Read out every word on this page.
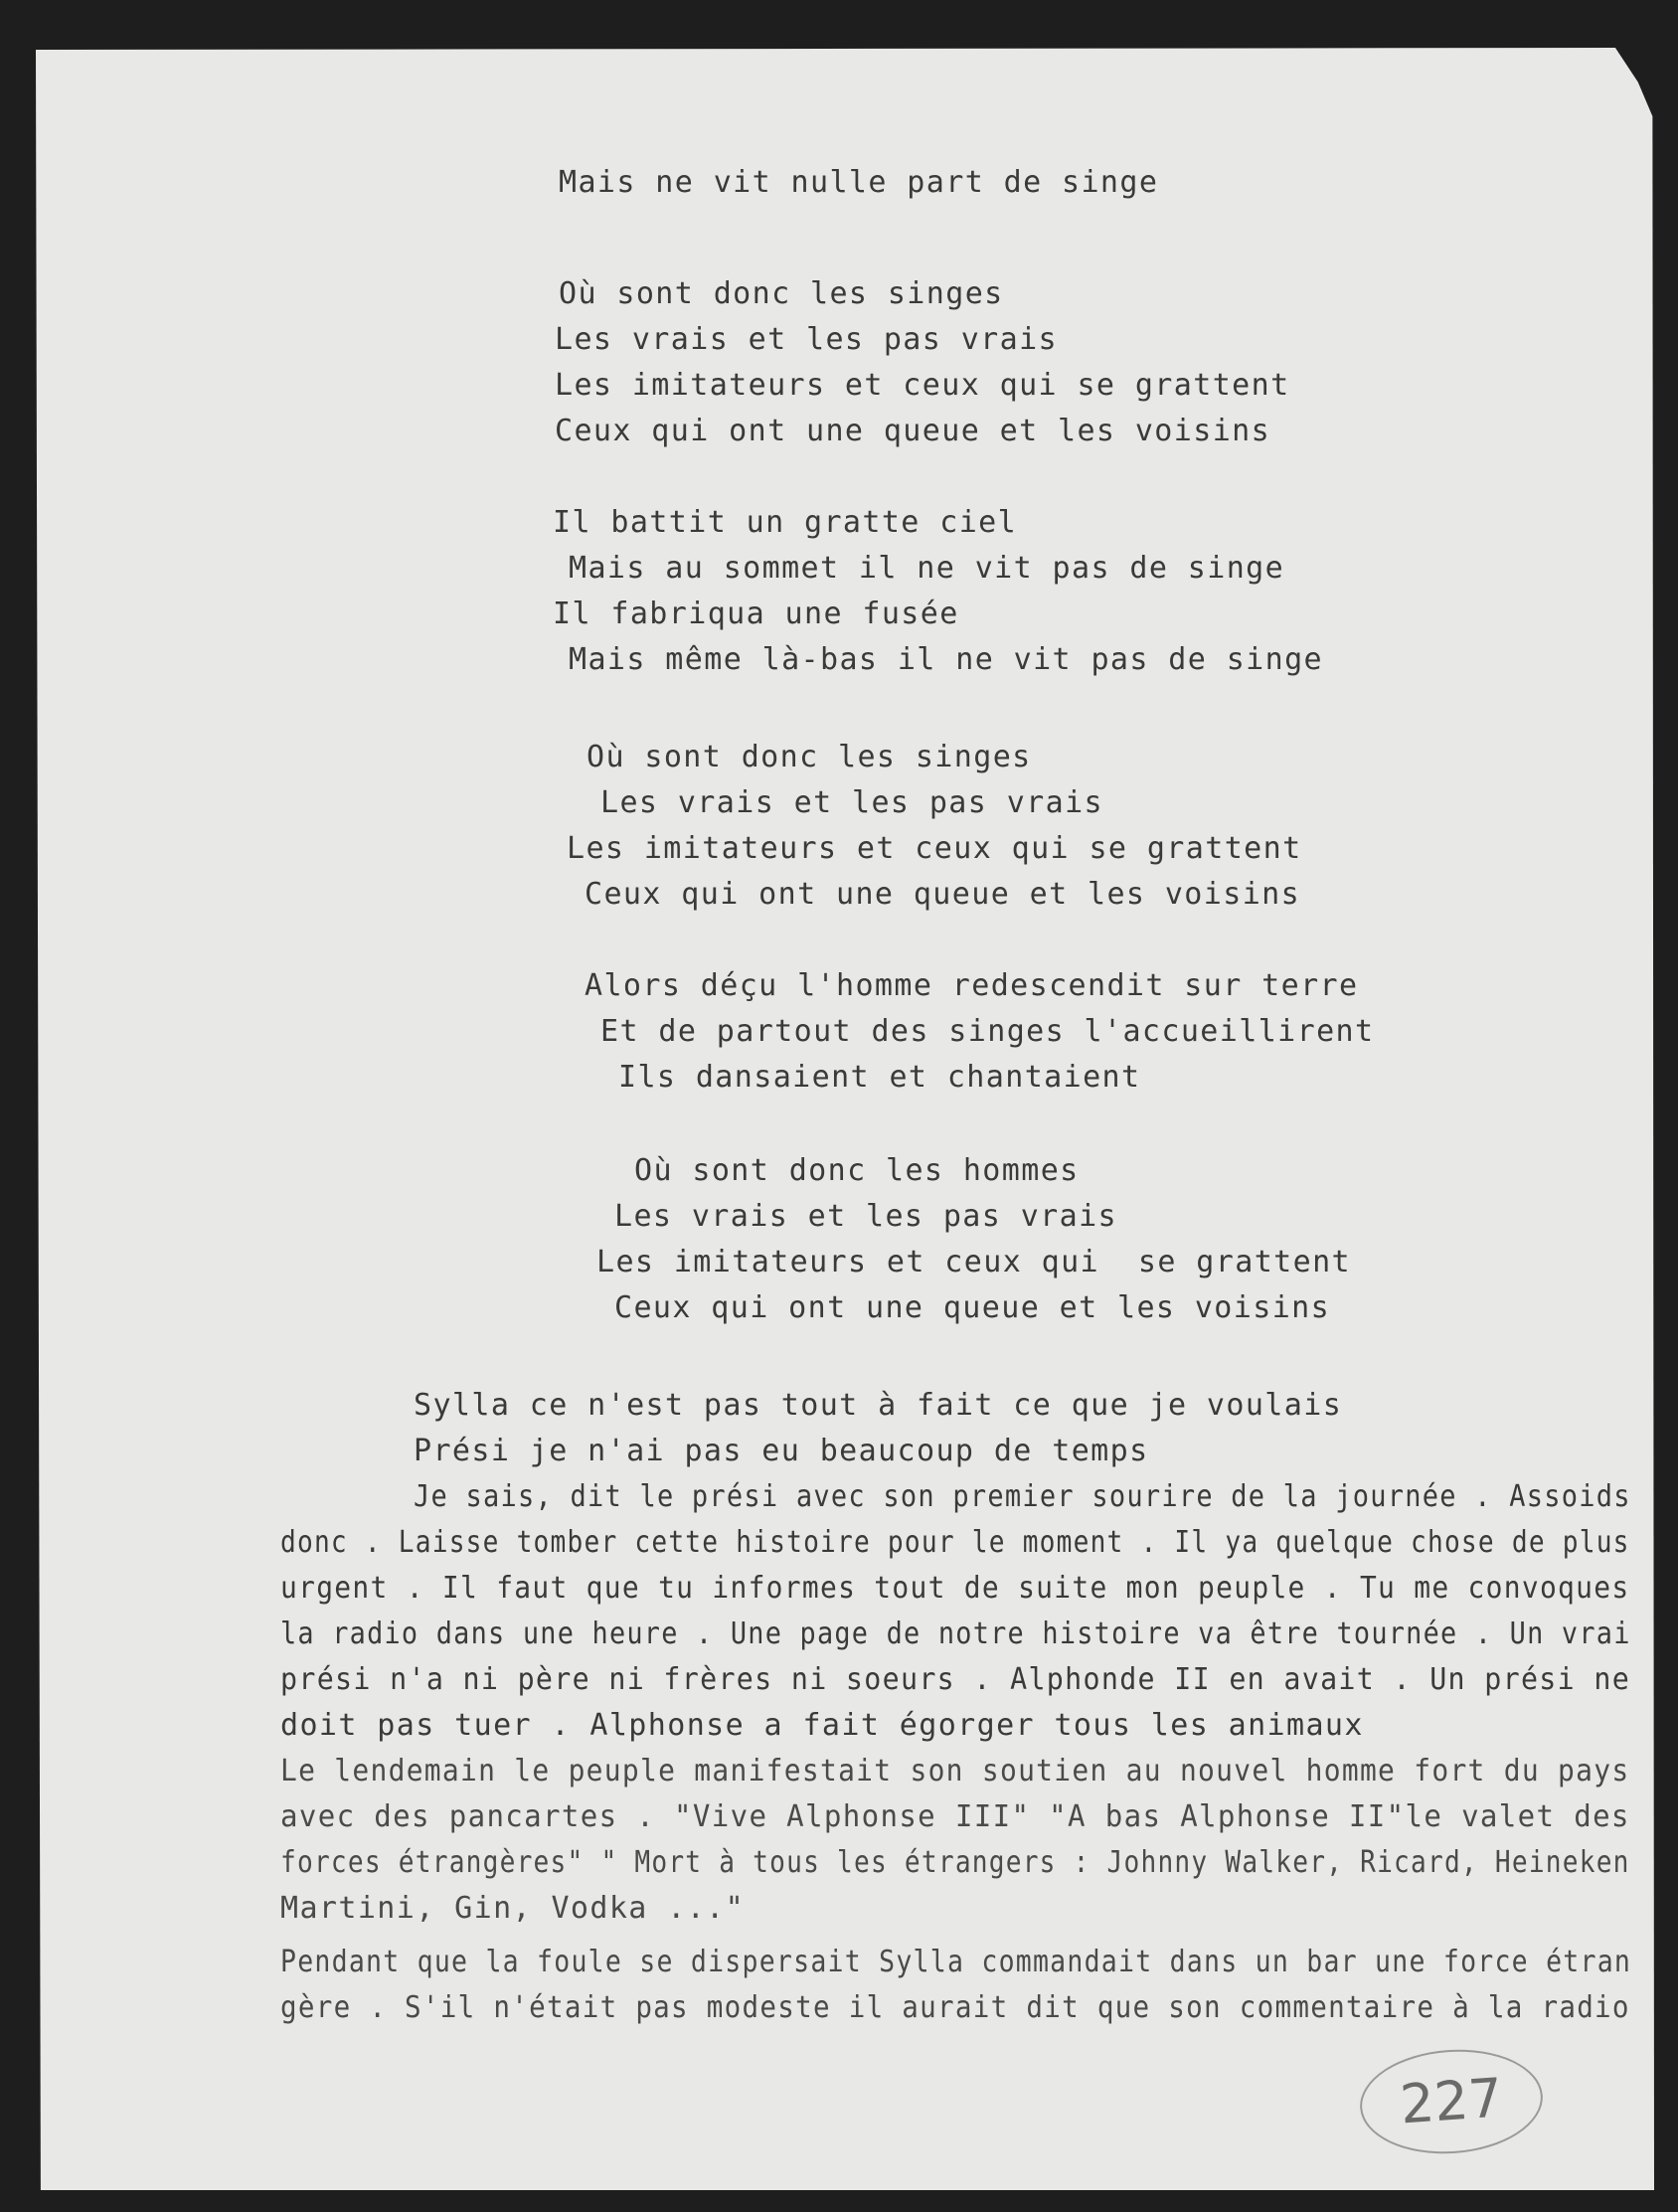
Mais ne vit nulle part de singe
Où sont donc les singes
Les vrais et les pas vrais
Les imitateurs et ceux qui se grattent
Ceux qui ont une queue et les voisins
Il battit un gratte ciel
Mais au sommet il ne vit pas de singe
Il fabriqua une fusée
Mais même là-bas il ne vit pas de singe
Où sont donc les singes
Les vrais et les pas vrais
Les imitateurs et ceux qui se grattent
Ceux qui ont une queue et les voisins
Alors déçu l'homme redescendit sur terre
Et de partout des singes l'accueillirent
Ils dansaient et chantaient
Où sont donc les hommes
Les vrais et les pas vrais
Les imitateurs et ceux qui  se grattent
Ceux qui ont une queue et les voisins
Sylla ce n'est pas tout à fait ce que je voulais
Prési je n'ai pas eu beaucoup de temps
Je sais, dit le prési avec son premier sourire de la journée . Assoids
donc . Laisse tomber cette histoire pour le moment . Il ya quelque chose de plus
urgent . Il faut que tu informes tout de suite mon peuple . Tu me convoques
la radio dans une heure . Une page de notre histoire va être tournée . Un vrai
prési n'a ni père ni frères ni soeurs . Alphonde II en avait . Un prési ne
doit pas tuer . Alphonse a fait égorger tous les animaux
Le lendemain le peuple manifestait son soutien au nouvel homme fort du pays
avec des pancartes . "Vive Alphonse III" "A bas Alphonse II"le valet des
forces étrangères" " Mort à tous les étrangers : Johnny Walker, Ricard, Heineken
Martini, Gin, Vodka ..."
Pendant que la foule se dispersait Sylla commandait dans un bar une force étran
gère . S'il n'était pas modeste il aurait dit que son commentaire à la radio
227
